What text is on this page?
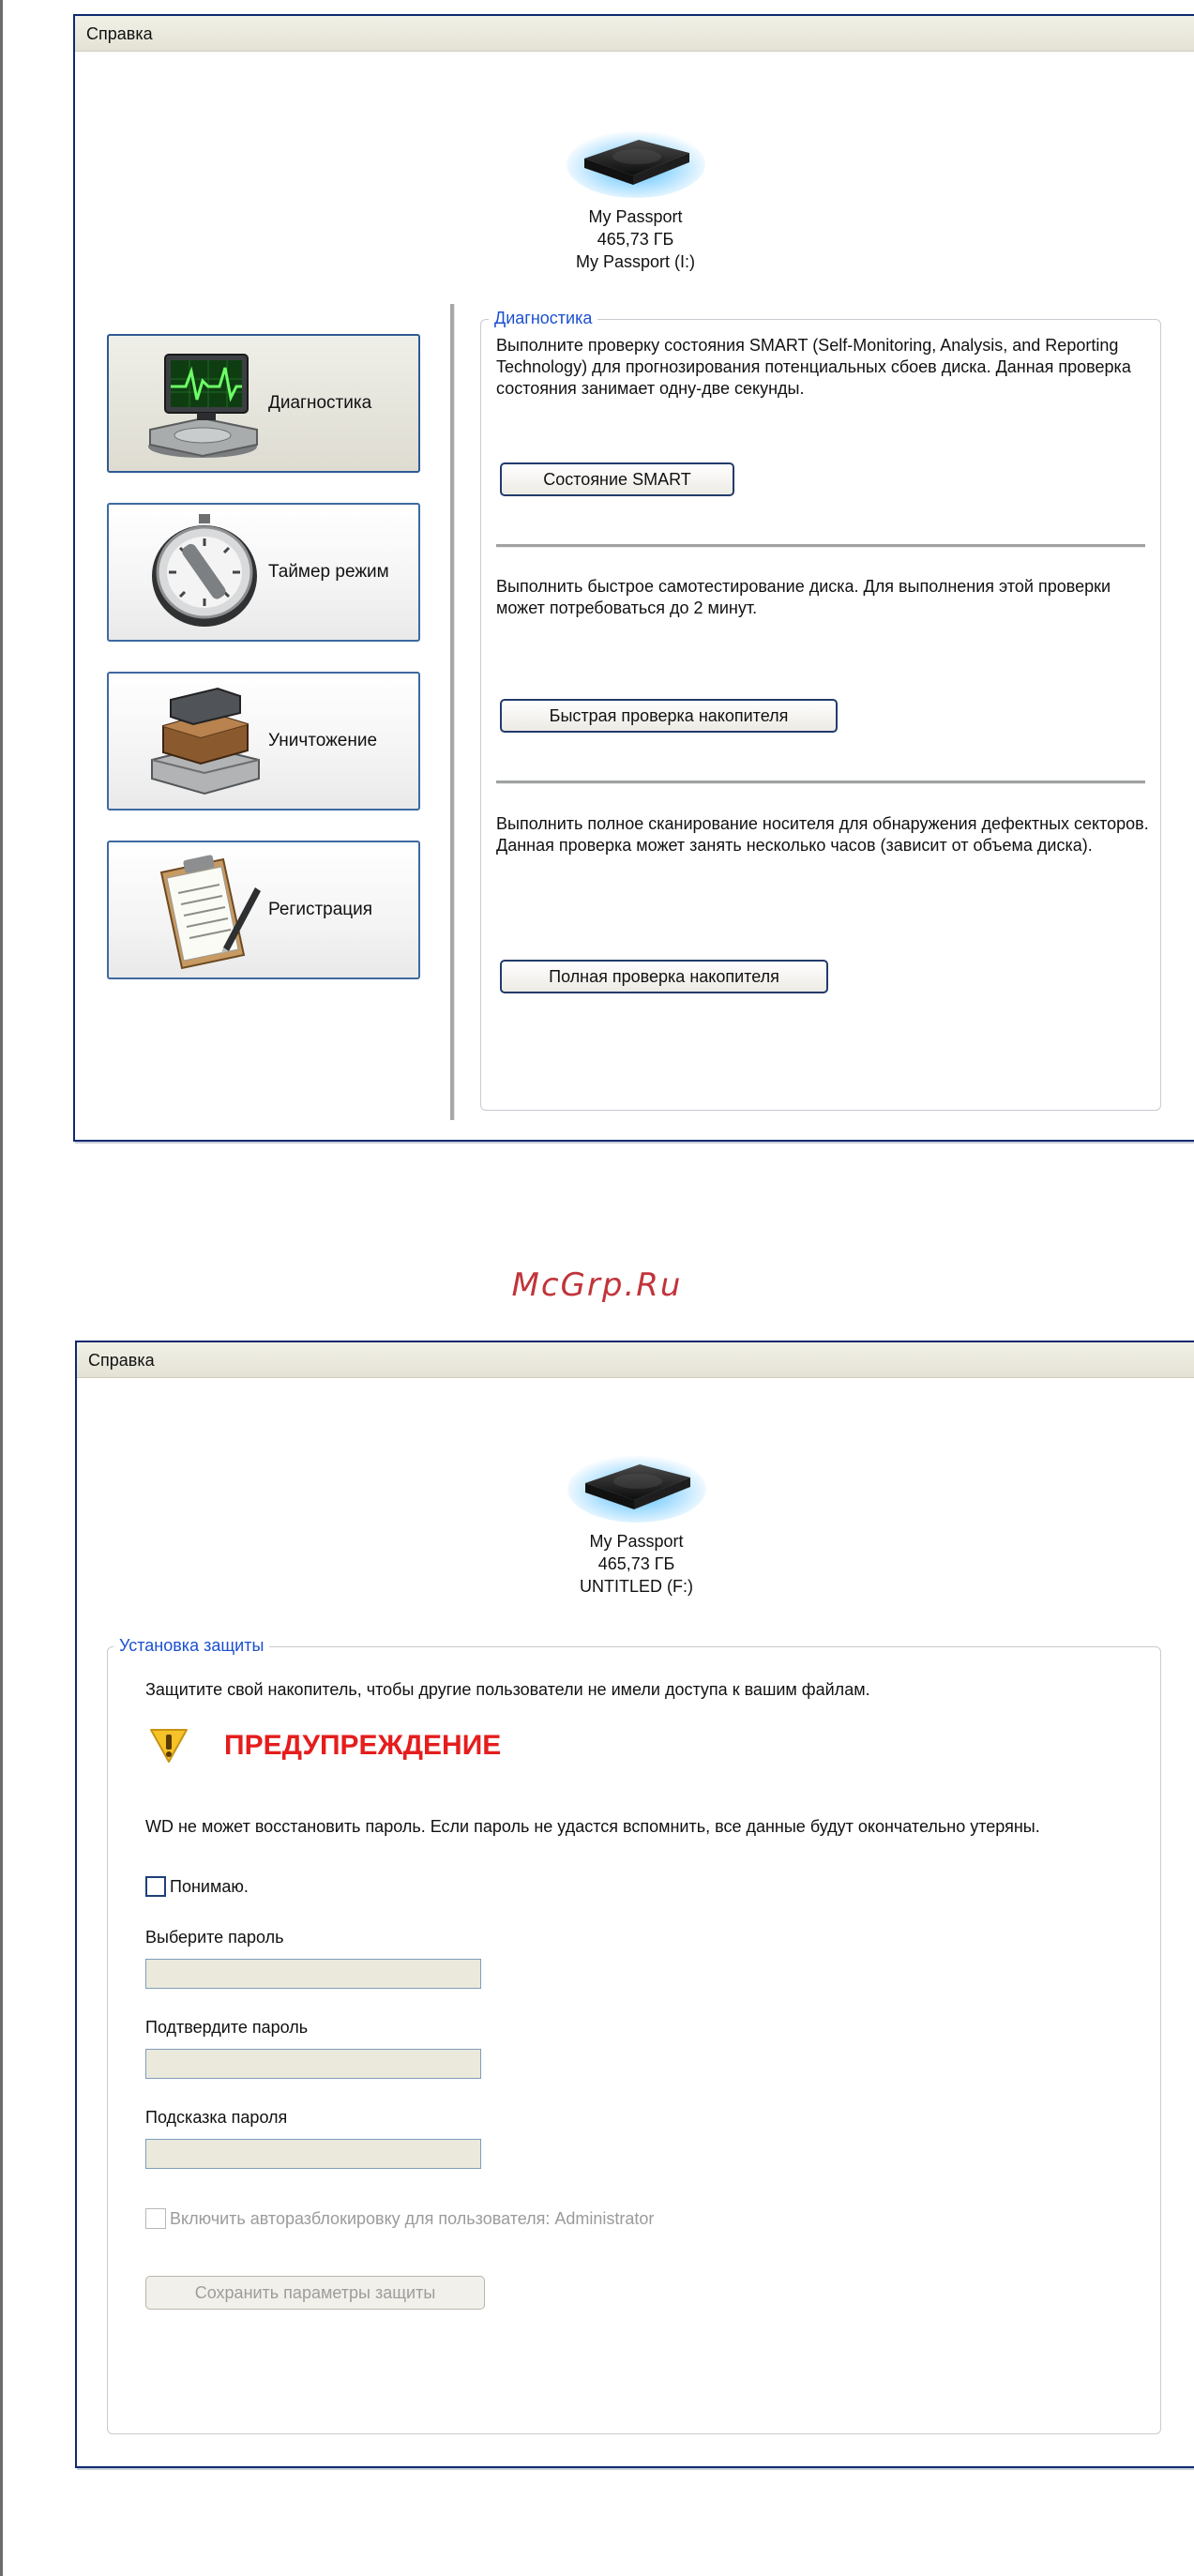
Справка
My Passport
465,73 ГБ
My Passport (I:)
Диагностика
Таймер режим
Уничтожение
Регистрация
Диагностика
Выполните проверку состояния SMART (Self-Monitoring, Analysis, and Reporting Technology) для прогнозирования потенциальных сбоев диска. Данная проверка состояния занимает одну-две секунды.
Состояние SMART
Выполнить быстрое самотестирование диска. Для выполнения этой проверки может потребоваться до 2 минут.
Быстрая проверка накопителя
Выполнить полное сканирование носителя для обнаружения дефектных секторов. Данная проверка может занять несколько часов (зависит от объема диска).
Полная проверка накопителя
McGrp.Ru
Справка
My Passport
465,73 ГБ
UNTITLED (F:)
Установка защиты
Защитите свой накопитель, чтобы другие пользователи не имели доступа к вашим файлам.
ПРЕДУПРЕЖДЕНИЕ
WD не может восстановить пароль. Если пароль не удастся вспомнить, все данные будут окончательно утеряны.
Понимаю.
Выберите пароль
Подтвердите пароль
Подсказка пароля
Включить авторазблокировку для пользователя: Administrator
Сохранить параметры защиты
